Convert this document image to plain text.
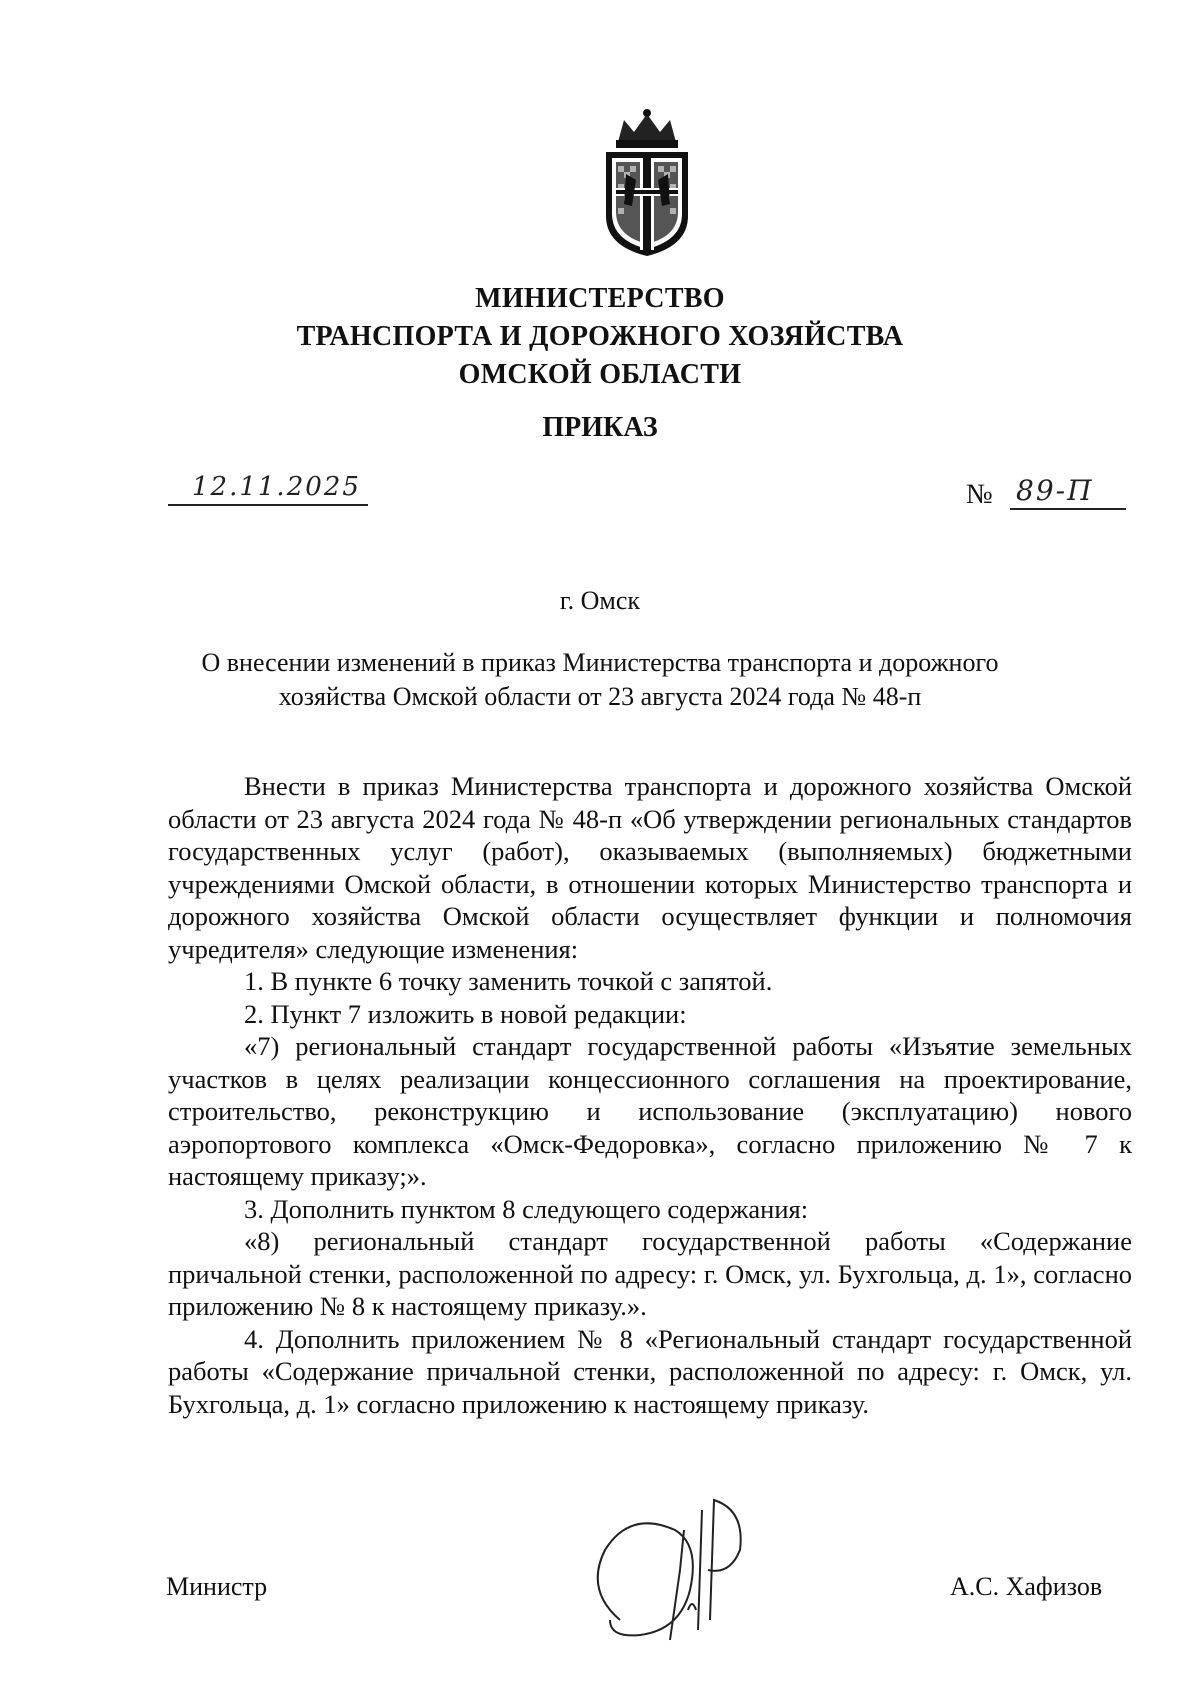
МИНИСТЕРСТВО
ТРАНСПОРТА И ДОРОЖНОГО ХОЗЯЙСТВА
ОМСКОЙ ОБЛАСТИ
ПРИКАЗ
12.11.2025	№ 89-П
г. Омск
О внесении изменений в приказ Министерства транспорта и дорожного
хозяйства Омской области от 23 августа 2024 года № 48-п

Внести в приказ Министерства транспорта и дорожного хозяйства Омской области от 23 августа 2024 года № 48-п «Об утверждении региональных стандартов государственных услуг (работ), оказываемых (выполняемых) бюджетными учреждениями Омской области, в отношении которых Министерство транспорта и дорожного хозяйства Омской области осуществляет функции и полномочия учредителя» следующие изменения:

1. В пункте 6 точку заменить точкой с запятой.

2. Пункт 7 изложить в новой редакции:

«7) региональный стандарт государственной работы «Изъятие земельных участков в целях реализации концессионного соглашения на проектирование, строительство, реконструкцию и использование (эксплуатацию) нового аэропортового комплекса «Омск-Федоровка», согласно приложению № 7 к настоящему приказу;».

3. Дополнить пунктом 8 следующего содержания:

«8) региональный стандарт государственной работы «Содержание причальной стенки, расположенной по адресу: г. Омск, ул. Бухгольца, д. 1», согласно приложению № 8 к настоящему приказу.».

4. Дополнить приложением № 8 «Региональный стандарт государственной работы «Содержание причальной стенки, расположенной по адресу: г. Омск, ул. Бухгольца, д. 1» согласно приложению к настоящему приказу.

Министр	А.С. Хафизов
